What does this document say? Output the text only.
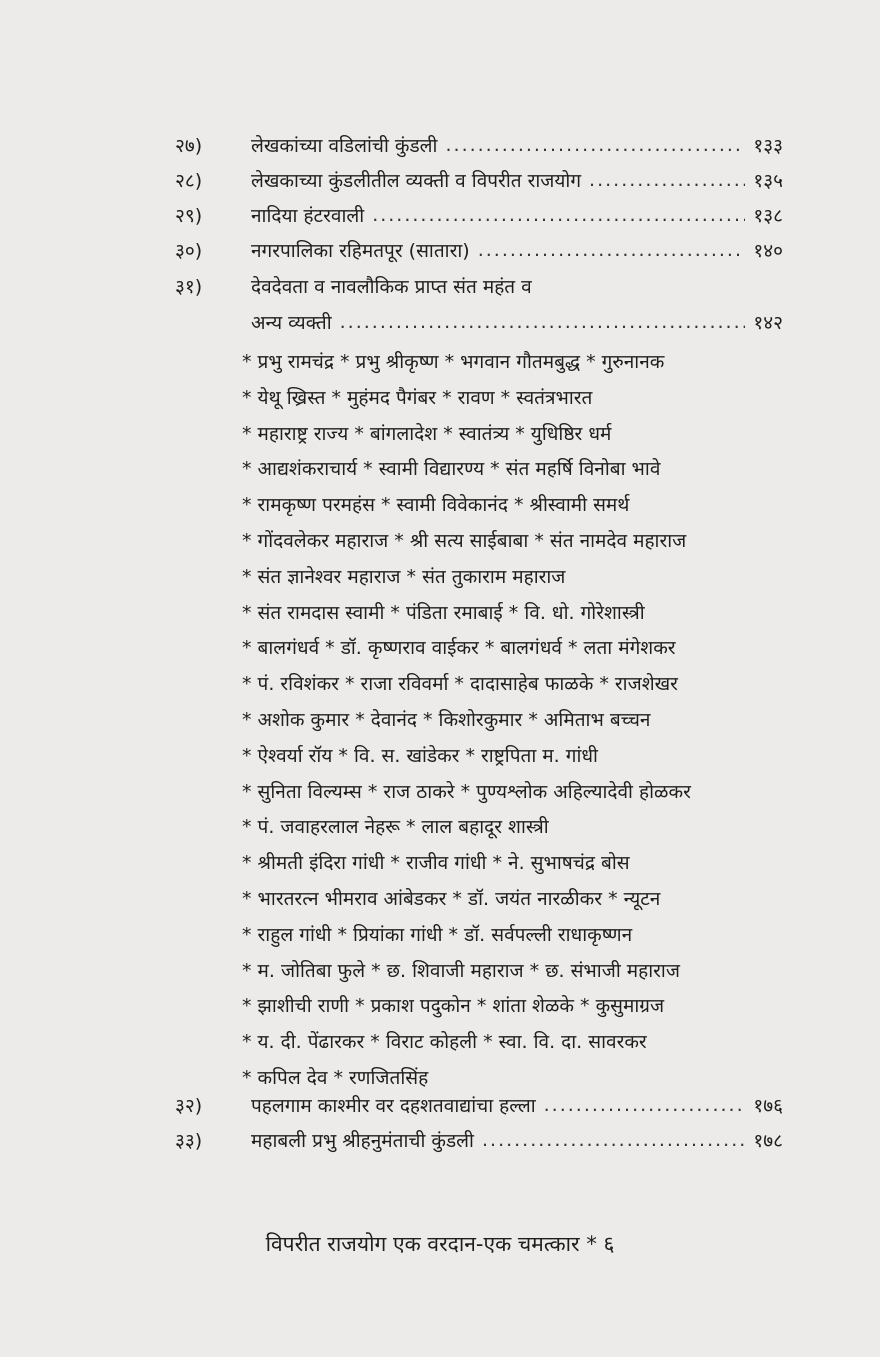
२७)	लेखकांच्या वडिलांची कुंडली .....	१३३
२८)	लेखकाच्या कुंडलीतील व्यक्ती व विपरीत राजयोग .....	१३५
२९)	नादिया हंटरवाली .....	१३८
३०)	नगरपालिका रहिमतपूर (सातारा) .....	१४०
३१)	देवदेवता व नावलौकिक प्राप्त संत महंत व
अन्य व्यक्ती .....	१४२
* प्रभु रामचंद्र * प्रभु श्रीकृष्ण * भगवान गौतमबुद्ध * गुरुनानक
* येथू ख्रिस्त * मुहंमद पैगंबर * रावण * स्वतंत्रभारत
* महाराष्ट्र राज्य * बांगलादेश * स्वातंत्र्य * युधिष्ठिर धर्म
* आद्यशंकराचार्य * स्वामी विद्यारण्य * संत महर्षि विनोबा भावे
* रामकृष्ण परमहंस * स्वामी विवेकानंद * श्रीस्वामी समर्थ
* गोंदवलेकर महाराज * श्री सत्य साईबाबा * संत नामदेव महाराज
* संत ज्ञानेश्वर महाराज * संत तुकाराम महाराज
* संत रामदास स्वामी * पंडिता रमाबाई * वि. धो. गोरेशास्त्री
* बालगंधर्व * डॉ. कृष्णराव वाईकर * बालगंधर्व * लता मंगेशकर
* पं. रविशंकर * राजा रविवर्मा * दादासाहेब फाळके * राजशेखर
* अशोक कुमार * देवानंद * किशोरकुमार * अमिताभ बच्चन
* ऐश्वर्या रॉय * वि. स. खांडेकर * राष्ट्रपिता म. गांधी
* सुनिता विल्यम्स * राज ठाकरे * पुण्यश्लोक अहिल्यादेवी होळकर
* पं. जवाहरलाल नेहरू * लाल बहादूर शास्त्री
* श्रीमती इंदिरा गांधी * राजीव गांधी * ने. सुभाषचंद्र बोस
* भारतरत्न भीमराव आंबेडकर * डॉ. जयंत नारळीकर * न्यूटन
* राहुल गांधी * प्रियांका गांधी * डॉ. सर्वपल्ली राधाकृष्णन
* म. जोतिबा फुले * छ. शिवाजी महाराज * छ. संभाजी महाराज
* झाशीची राणी * प्रकाश पदुकोन * शांता शेळके * कुसुमाग्रज
* य. दी. पेंढारकर * विराट कोहली * स्वा. वि. दा. सावरकर
* कपिल देव * रणजितसिंह
३२)	पहलगाम काश्मीर वर दहशतवाद्यांचा हल्ला .....	१७६
३३)	महाबली प्रभु श्रीहनुमंताची कुंडली .....	१७८
विपरीत राजयोग एक वरदान-एक चमत्कार * ६
